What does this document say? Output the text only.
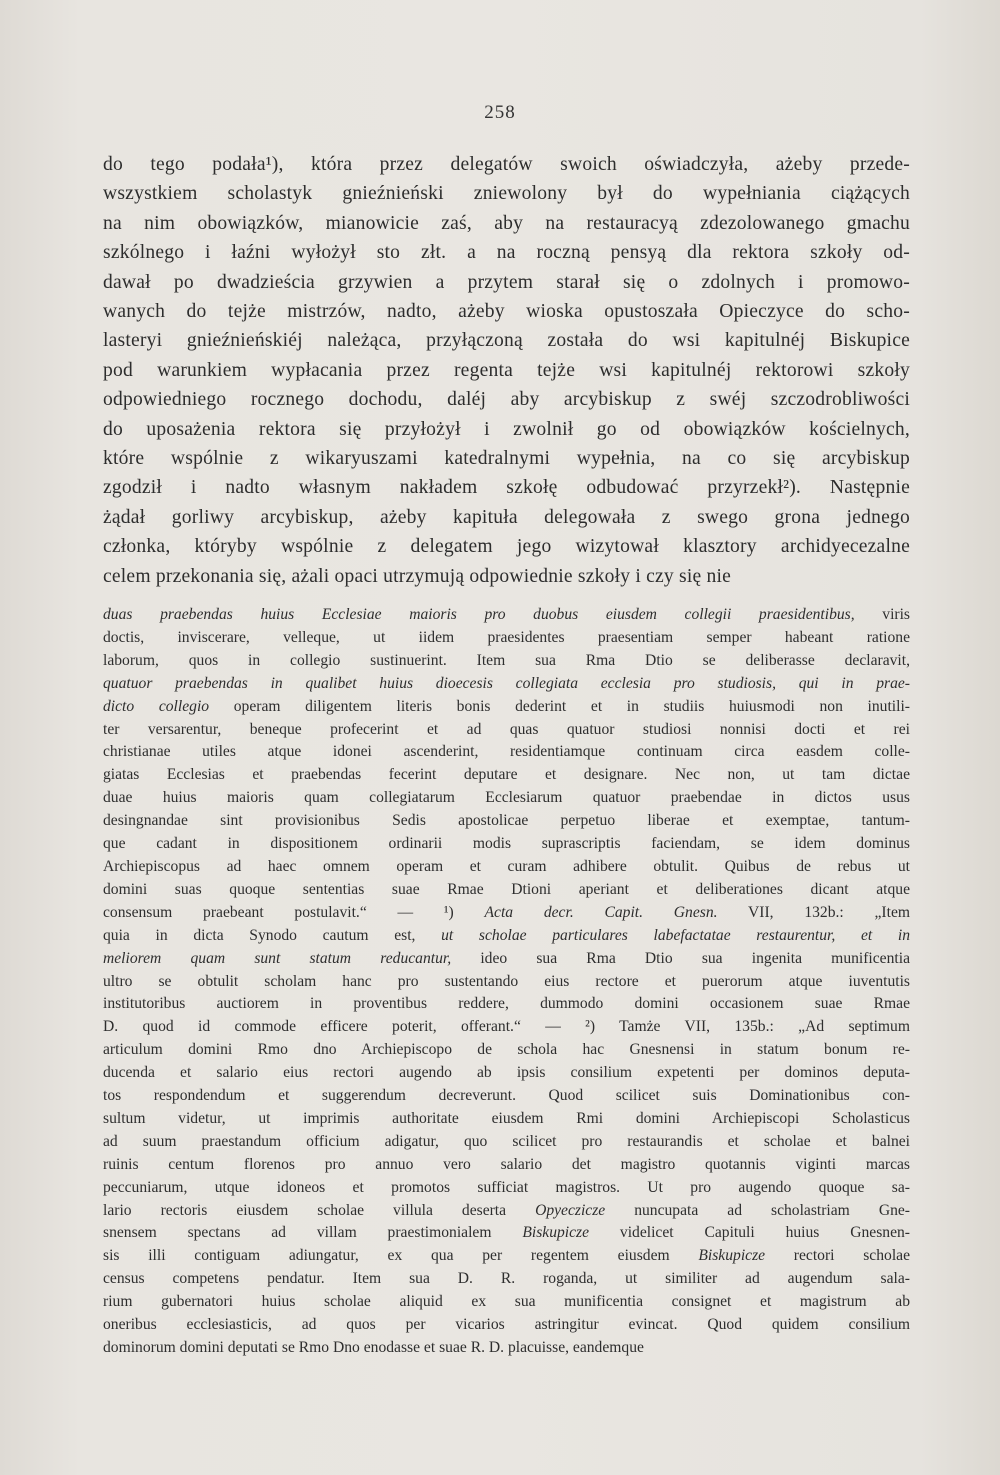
258
do tego podała¹), która przez delegatów swoich oświadczyła, ażeby przede-
wszystkiem scholastyk gnieźnieński zniewolony był do wypełniania ciążących
na nim obowiązków, mianowicie zaś, aby na restauracyą zdezolowanego gmachu
szkólnego i łaźni wyłożył sto złt. a na roczną pensyą dla rektora szkoły od-
dawał po dwadzieścia grzywien a przytem starał się o zdolnych i promowo-
wanych do tejże mistrzów, nadto, ażeby wioska opustoszała Opieczyce do scho-
lasteryi gnieźnieńskiéj należąca, przyłączoną została do wsi kapitulnéj Biskupice
pod warunkiem wypłacania przez regenta tejże wsi kapitulnéj rektorowi szkoły
odpowiedniego rocznego dochodu, daléj aby arcybiskup z swéj szczodrobliwości
do uposażenia rektora się przyłożył i zwolnił go od obowiązków kościelnych,
które wspólnie z wikaryuszami katedralnymi wypełnia, na co się arcybiskup
zgodził i nadto własnym nakładem szkołę odbudować przyrzekł²). Następnie
żądał gorliwy arcybiskup, ażeby kapituła delegowała z swego grona jednego
członka, któryby wspólnie z delegatem jego wizytował klasztory archidyecezalne
celem przekonania się, ażali opaci utrzymują odpowiednie szkoły i czy się nie
duas praebendas huius Ecclesiae maioris pro duobus eiusdem collegii praesidentibus, viris
doctis, inviscerare, velleque, ut iidem praesidentes praesentiam semper habeant ratione
laborum, quos in collegio sustinuerint. Item sua Rma Dtio se deliberasse declaravit,
quatuor praebendas in qualibet huius dioecesis collegiata ecclesia pro studiosis, qui in prae-
dicto collegio operam diligentem literis bonis dederint et in studiis huiusmodi non inutili-
ter versarentur, beneque profecerint et ad quas quatuor studiosi nonnisi docti et rei
christianae utiles atque idonei ascenderint, residentiamque continuam circa easdem colle-
giatas Ecclesias et praebendas fecerint deputare et designare. Nec non, ut tam dictae
duae huius maioris quam collegiatarum Ecclesiarum quatuor praebendae in dictos usus
desingnandae sint provisionibus Sedis apostolicae perpetuo liberae et exemptae, tantum-
que cadant in dispositionem ordinarii modis suprascriptis faciendam, se idem dominus
Archiepiscopus ad haec omnem operam et curam adhibere obtulit. Quibus de rebus ut
domini suas quoque sententias suae Rmae Dtioni aperiant et deliberationes dicant atque
consensum praebeant postulavit.“ — ¹) Acta decr. Capit. Gnesn. VII, 132b.: „Item
quia in dicta Synodo cautum est, ut scholae particulares labefactatae restaurentur, et in
meliorem quam sunt statum reducantur, ideo sua Rma Dtio sua ingenita munificentia
ultro se obtulit scholam hanc pro sustentando eius rectore et puerorum atque iuventutis
institutoribus auctiorem in proventibus reddere, dummodo domini occasionem suae Rmae
D. quod id commode efficere poterit, offerant.“ — ²) Tamże VII, 135b.: „Ad septimum
articulum domini Rmo dno Archiepiscopo de schola hac Gnesnensi in statum bonum re-
ducenda et salario eius rectori augendo ab ipsis consilium expetenti per dominos deputa-
tos respondendum et suggerendum decreverunt. Quod scilicet suis Dominationibus con-
sultum videtur, ut imprimis authoritate eiusdem Rmi domini Archiepiscopi Scholasticus
ad suum praestandum officium adigatur, quo scilicet pro restaurandis et scholae et balnei
ruinis centum florenos pro annuo vero salario det magistro quotannis viginti marcas
peccuniarum, utque idoneos et promotos sufficiat magistros. Ut pro augendo quoque sa-
lario rectoris eiusdem scholae villula deserta Opyeczicze nuncupata ad scholastriam Gne-
snensem spectans ad villam praestimonialem Biskupicze videlicet Capituli huius Gnesnen-
sis illi contiguam adiungatur, ex qua per regentem eiusdem Biskupicze rectori scholae
census competens pendatur. Item sua D. R. roganda, ut similiter ad augendum sala-
rium gubernatori huius scholae aliquid ex sua munificentia consignet et magistrum ab
oneribus ecclesiasticis, ad quos per vicarios astringitur evincat. Quod quidem consilium
dominorum domini deputati se Rmo Dno enodasse et suae R. D. placuisse, eandemque
